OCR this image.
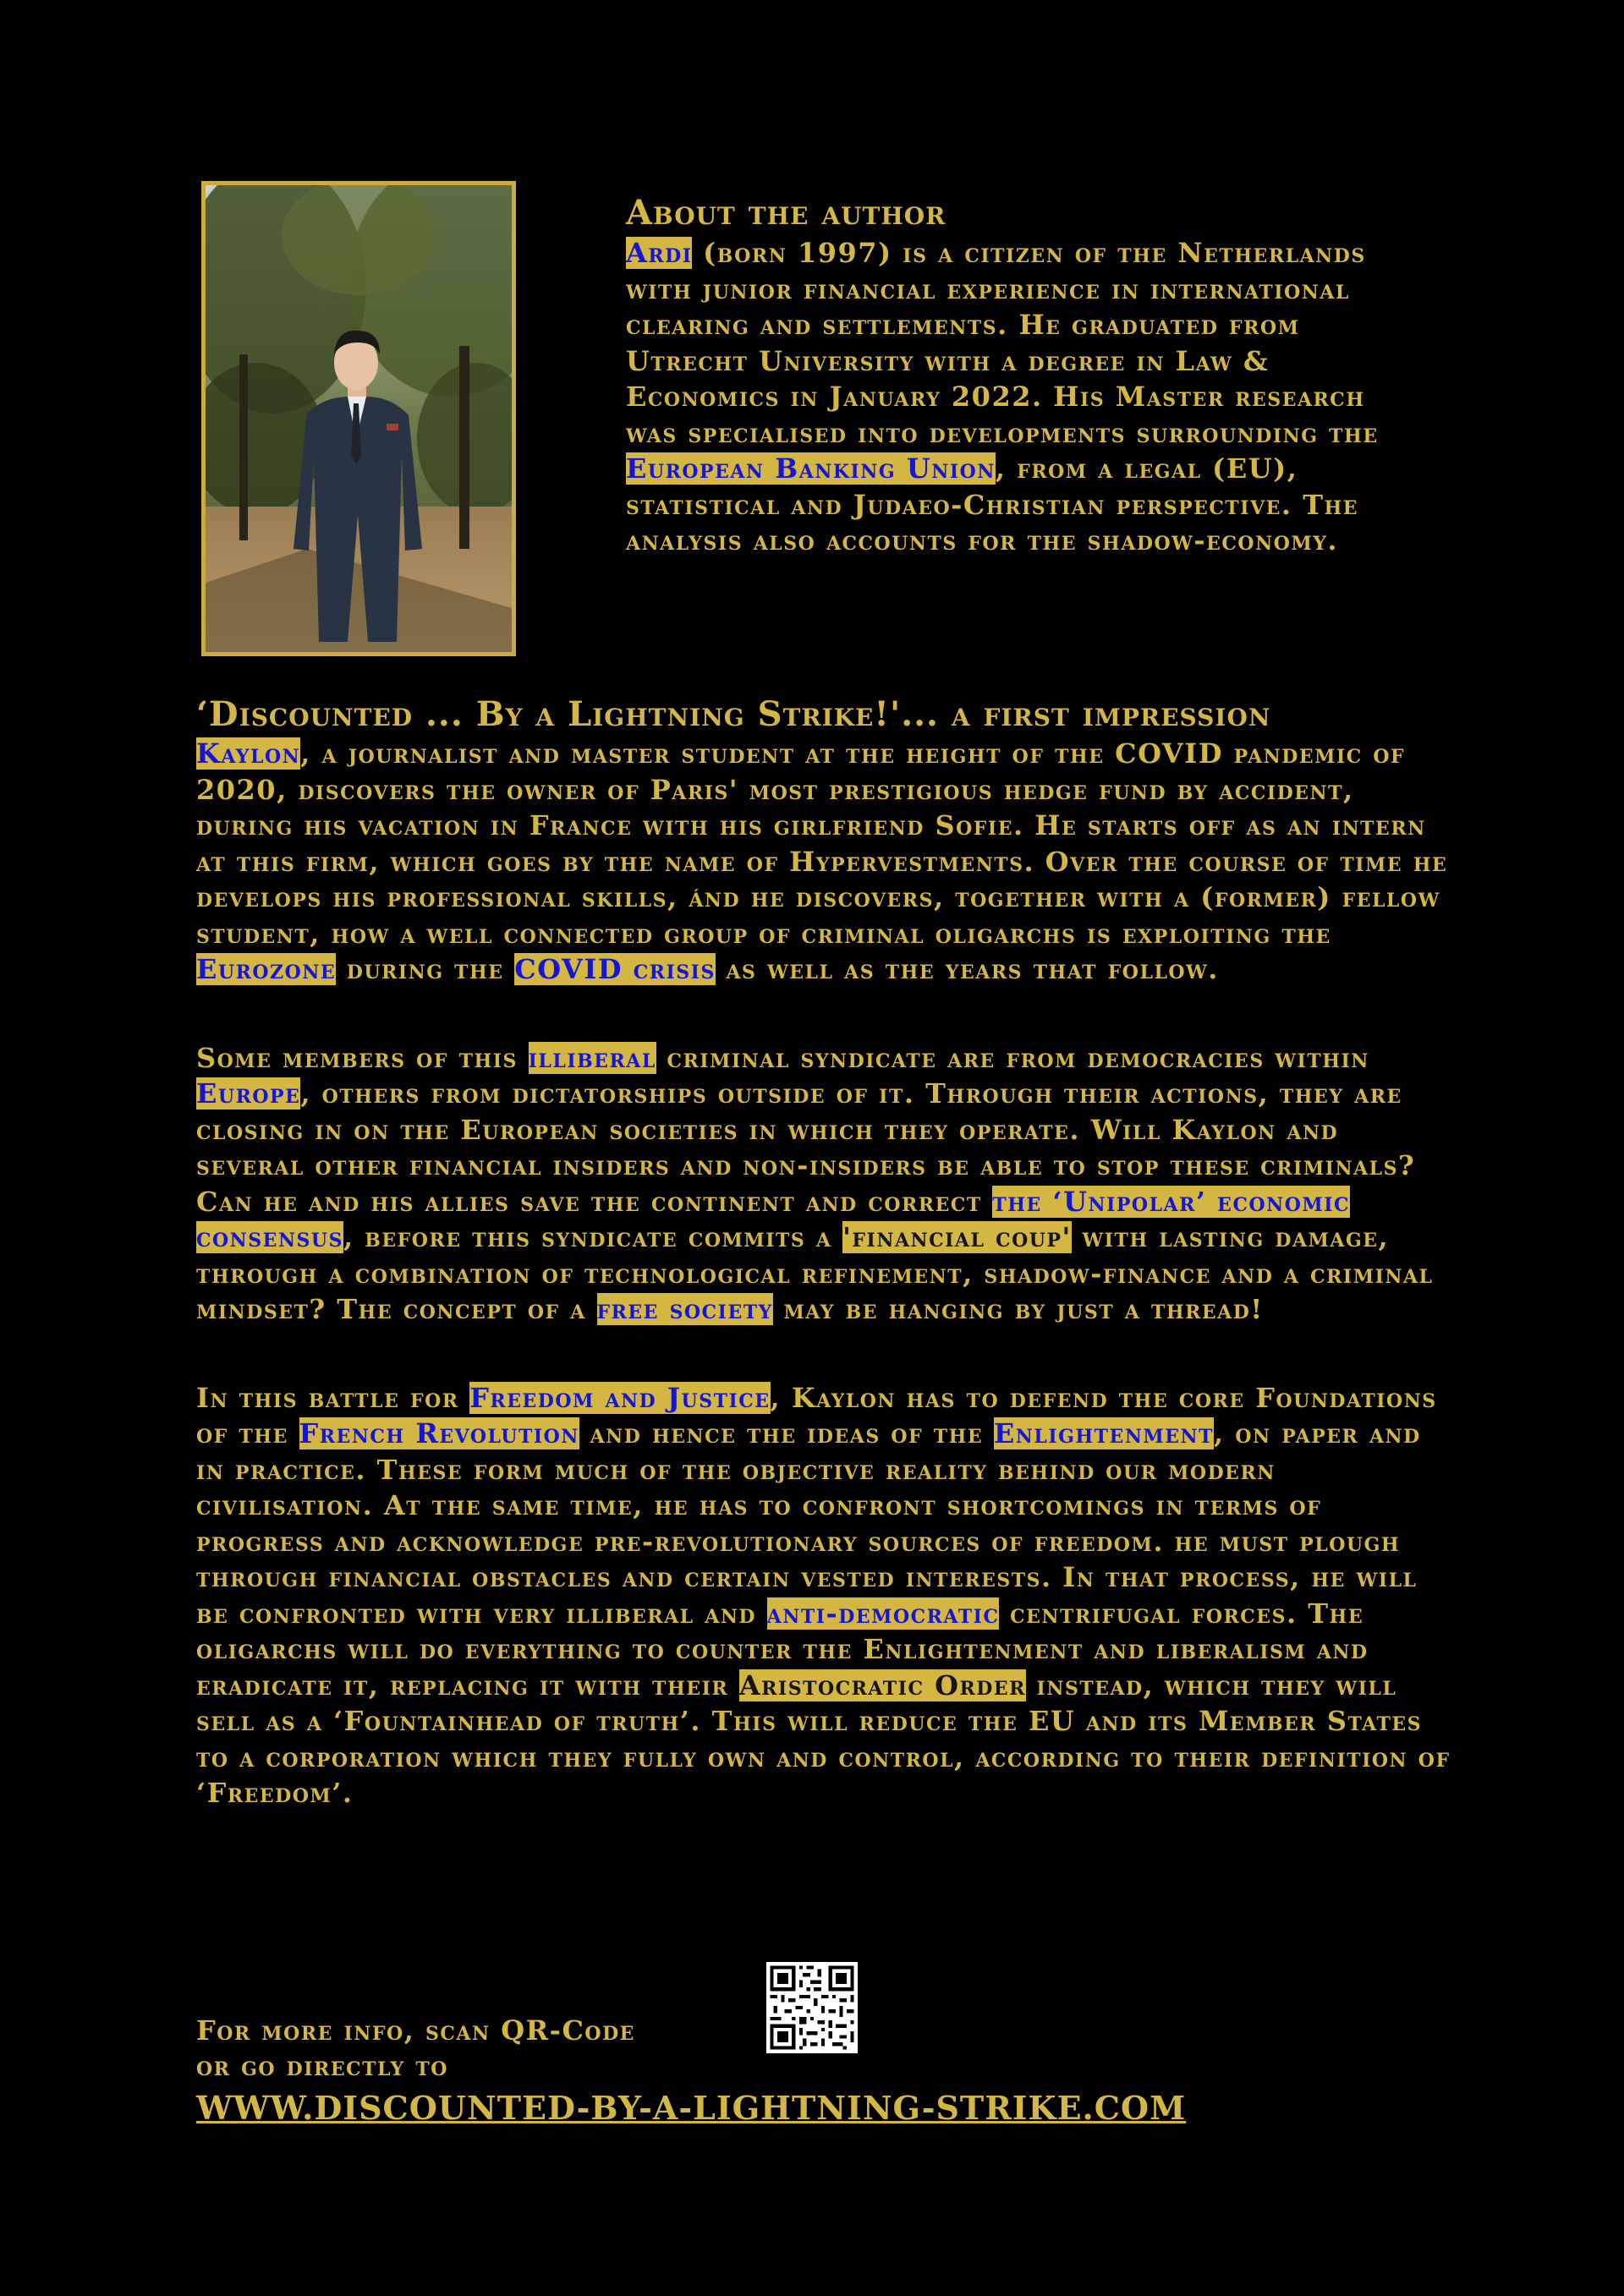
About the author

Ardi (born 1997) is a citizen of the Netherlands with junior financial experience in international clearing and settlements. He graduated from Utrecht University with a degree in Law & Economics in January 2022. His Master research was specialised into developments surrounding the European Banking Union, from a legal (EU), statistical and Judaeo-Christian perspective. The analysis also accounts for the shadow-economy.

‘Discounted ... By a Lightning Strike!'... a first impression

Kaylon, a journalist and master student at the height of the COVID pandemic of 2020, discovers the owner of Paris' most prestigious hedge fund by accident, during his vacation in France with his girlfriend Sofie. He starts off as an intern at this firm, which goes by the name of Hypervestments. Over the course of time he develops his professional skills, ánd he discovers, together with a (former) fellow student, how a well connected group of criminal oligarchs is exploiting the Eurozone during the COVID crisis as well as the years that follow.

Some members of this illiberal criminal syndicate are from democracies within Europe, others from dictatorships outside of it. Through their actions, they are closing in on the European societies in which they operate. Will Kaylon and several other financial insiders and non-insiders be able to stop these criminals? Can he and his allies save the continent and correct the ‘Unipolar’ economic consensus, before this syndicate commits a 'financial coup' with lasting damage, through a combination of technological refinement, shadow-finance and a criminal mindset? The concept of a free society may be hanging by just a thread!

In this battle for Freedom and Justice, Kaylon has to defend the core Foundations of the French Revolution and hence the ideas of the Enlightenment, on paper and in practice. These form much of the objective reality behind our modern civilisation. At the same time, he has to confront shortcomings in terms of progress and acknowledge pre-revolutionary sources of freedom. he must plough through financial obstacles and certain vested interests. In that process, he will be confronted with very illiberal and anti-democratic centrifugal forces. The oligarchs will do everything to counter the Enlightenment and liberalism and eradicate it, replacing it with their Aristocratic Order instead, which they will sell as a ‘Fountainhead of truth’. This will reduce the EU and its Member States to a corporation which they fully own and control, according to their definition of ‘Freedom’.

For more info, scan QR-Code
or go directly to
WWW.DISCOUNTED-BY-A-LIGHTNING-STRIKE.COM
